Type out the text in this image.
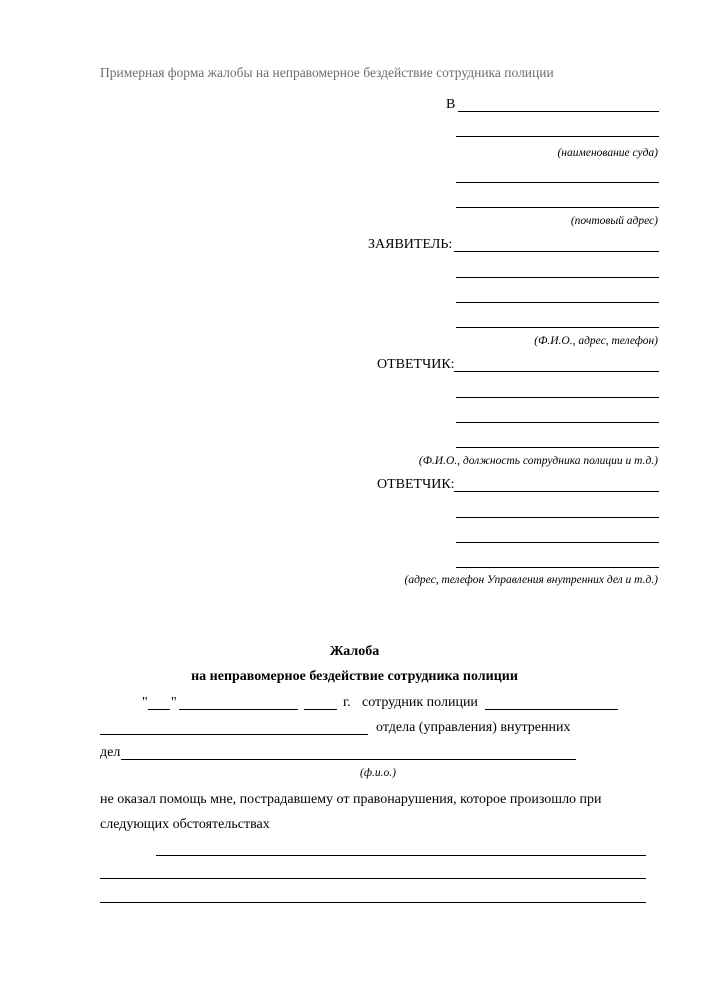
Примерная форма жалобы на неправомерное бездействие сотрудника полиции
В
(наименование суда)
(почтовый адрес)
ЗАЯВИТЕЛЬ:
(Ф.И.О., адрес, телефон)
ОТВЕТЧИК:
(Ф.И.О., должность сотрудника полиции и т.д.)
ОТВЕТЧИК:
(адрес, телефон Управления внутренних дел и т.д.)
Жалоба
на неправомерное бездействие сотрудника полиции
" "	г. сотрудник полиции
отдела (управления) внутренних
дел
(ф.и.о.)
не оказал помощь мне, пострадавшему от правонарушения, которое произошло при
следующих обстоятельствах
